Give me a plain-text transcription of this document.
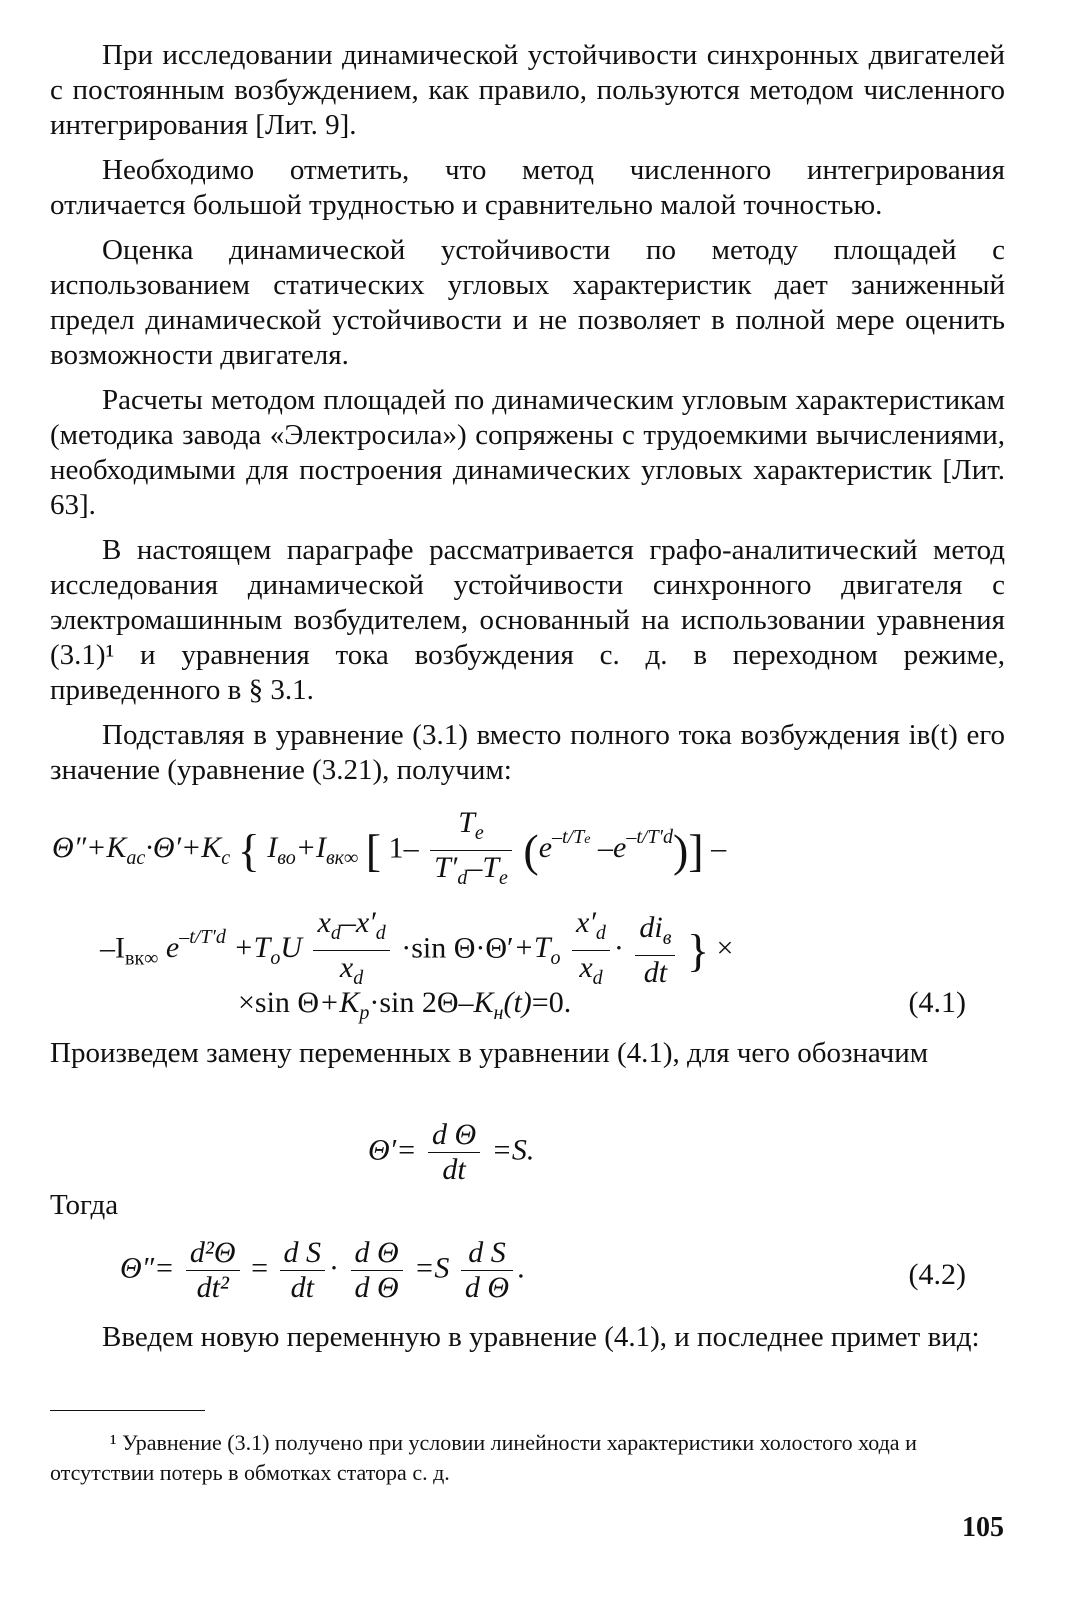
При исследовании динамической устойчивости синхронных двигателей с постоянным возбуждением, как правило, пользуются методом численного интегрирования [Лит. 9].

Необходимо отметить, что метод численного интегрирования отличается большой трудностью и сравнительно малой точностью.

Оценка динамической устойчивости по методу площадей с использованием статических угловых характеристик дает заниженный предел динамической устойчивости и не позволяет в полной мере оценить возможности двигателя.

Расчеты методом площадей по динамическим угловым характеристикам (методика завода «Электросила») сопряжены с трудоемкими вычислениями, необходимыми для построения динамических угловых характеристик [Лит. 63].

В настоящем параграфе рассматривается графо-аналитический метод исследования динамической устойчивости синхронного двигателя с электромашинным возбудителем, основанный на использовании уравнения (3.1)¹ и уравнения тока возбуждения с. д. в переходном режиме, приведенного в § 3.1.

Подставляя в уравнение (3.1) вместо полного тока возбуждения iв(t) его значение (уравнение (3.21), получим:

$\Theta''+K_{ac}\cdot\Theta'+K_c$ { $I_{во}+I_{вк\infty}$ [ $1- \frac{T_e}{T'_d-T_e} (e^{-t/Te}$ $-e^{-t/T'd}$)] –
$-I_{вк\infty}$ $e^{-t/T'd} +T_oU \frac{x_d-x'_d}{x_d} \cdot\sin$ $\Theta\cdot\Theta'+T_o \frac{x'_d}{x_d} \cdot \frac{di_в}{dt}$ } ×
×sin $\Theta+K_p\cdot\sin$ $2\Theta-K_н(t)=0$.	(4.1)

Произведем замену переменных в уравнении (4.1), для чего обозначим

$\Theta'= \frac{\text{d Θ}}{dt} =S$.

Тогда

$\Theta''= \frac{\text{d²Θ}}{\text{dt²}} = \frac{\text{d S}}{dt} \cdot \frac{\text{d Θ}}{\text{d Θ}} =S \frac{\text{d S}}{\text{d Θ}}$ .	(4.2)

Введем новую переменную в уравнение (4.1), и последнее примет вид:

¹ Уравнение (3.1) получено при условии линейности характеристики холостого хода и отсутствии потерь в обмотках статора с. д.
105
